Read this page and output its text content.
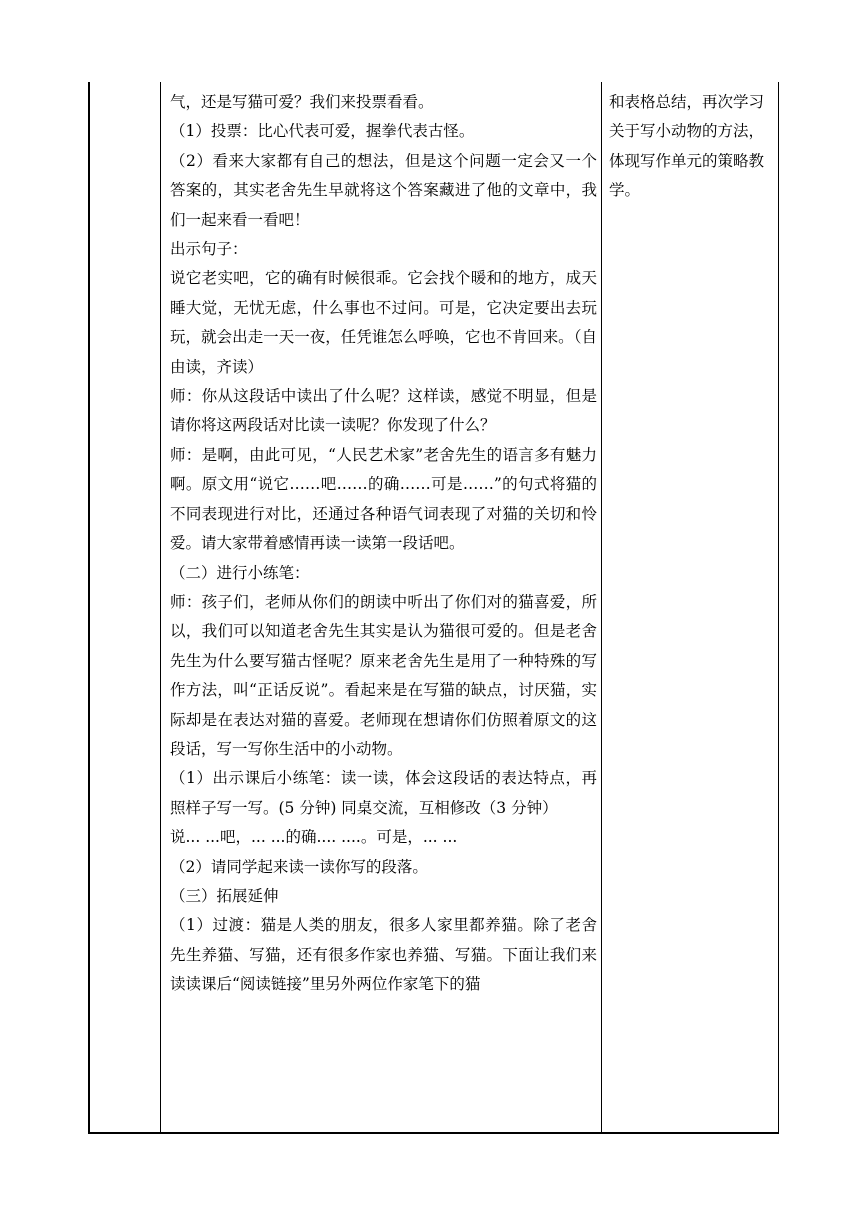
气，还是写猫可爱？我们来投票看看。

（1）投票：比心代表可爱，握拳代表古怪。

（2）看来大家都有自己的想法，但是这个问题一定会又一个答案的，其实老舍先生早就将这个答案藏进了他的文章中，我们一起来看一看吧！

出示句子：

说它老实吧，它的确有时候很乖。它会找个暖和的地方，成天睡大觉，无忧无虑，什么事也不过问。可是，它决定要出去玩玩，就会出走一天一夜，任凭谁怎么呼唤，它也不肯回来。（自由读，齐读）

师：你从这段话中读出了什么呢？这样读，感觉不明显，但是请你将这两段话对比读一读呢？你发现了什么？

师：是啊，由此可见，“人民艺术家”老舍先生的语言多有魅力啊。原文用“说它……吧……的确……可是……”的句式将猫的不同表现进行对比，还通过各种语气词表现了对猫的关切和怜爱。请大家带着感情再读一读第一段话吧。

（二）进行小练笔：

师：孩子们，老师从你们的朗读中听出了你们对的猫喜爱，所以，我们可以知道老舍先生其实是认为猫很可爱的。但是老舍先生为什么要写猫古怪呢？原来老舍先生是用了一种特殊的写作方法，叫“正话反说”。看起来是在写猫的缺点，讨厌猫，实际却是在表达对猫的喜爱。老师现在想请你们仿照着原文的这段话，写一写你生活中的小动物。

（1）出示课后小练笔：读一读，体会这段话的表达特点，再照样子写一写。(5 分钟) 同桌交流，互相修改（3 分钟）

说... ...吧，... ...的确.... ....。可是，... ...

（2）请同学起来读一读你写的段落。

（三）拓展延伸

（1）过渡：猫是人类的朋友，很多人家里都养猫。除了老舍先生养猫、写猫，还有很多作家也养猫、写猫。下面让我们来读读课后“阅读链接”里另外两位作家笔下的猫

和表格总结，再次学习关于写小动物的方法，体现写作单元的策略教学。
